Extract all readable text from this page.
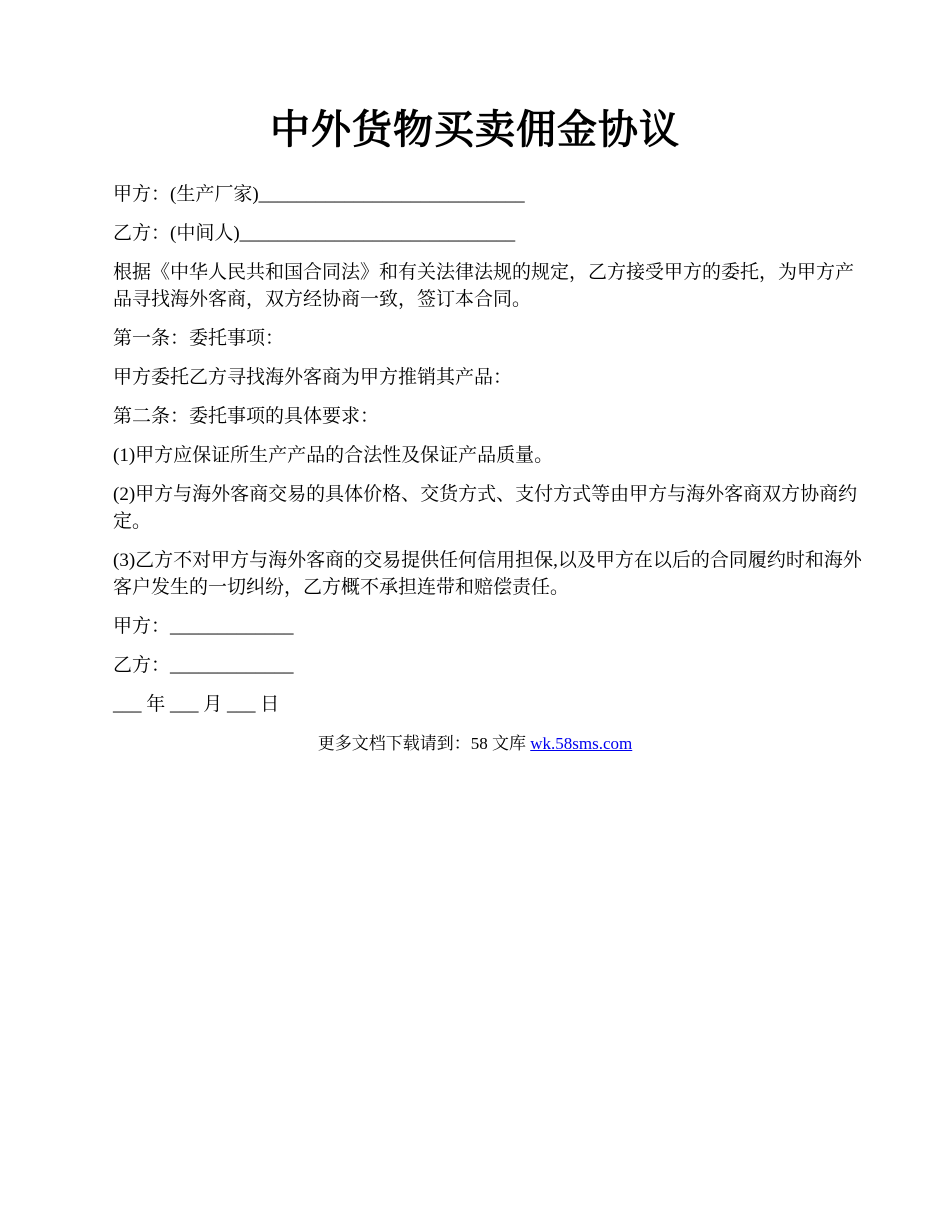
中外货物买卖佣金协议

甲方：(生产厂家)____________________________

乙方：(中间人)_____________________________

根据《中华人民共和国合同法》和有关法律法规的规定，乙方接受甲方的委托，为甲方产品寻找海外客商，双方经协商一致，签订本合同。

第一条：委托事项：

甲方委托乙方寻找海外客商为甲方推销其产品：

第二条：委托事项的具体要求：

(1)甲方应保证所生产产品的合法性及保证产品质量。

(2)甲方与海外客商交易的具体价格、交货方式、支付方式等由甲方与海外客商双方协商约定。

(3)乙方不对甲方与海外客商的交易提供任何信用担保,以及甲方在以后的合同履约时和海外客户发生的一切纠纷，乙方概不承担连带和赔偿责任。

甲方：_____________

乙方：_____________

___ 年 ___ 月 ___ 日

更多文档下载请到：58 文库 wk.58sms.com
